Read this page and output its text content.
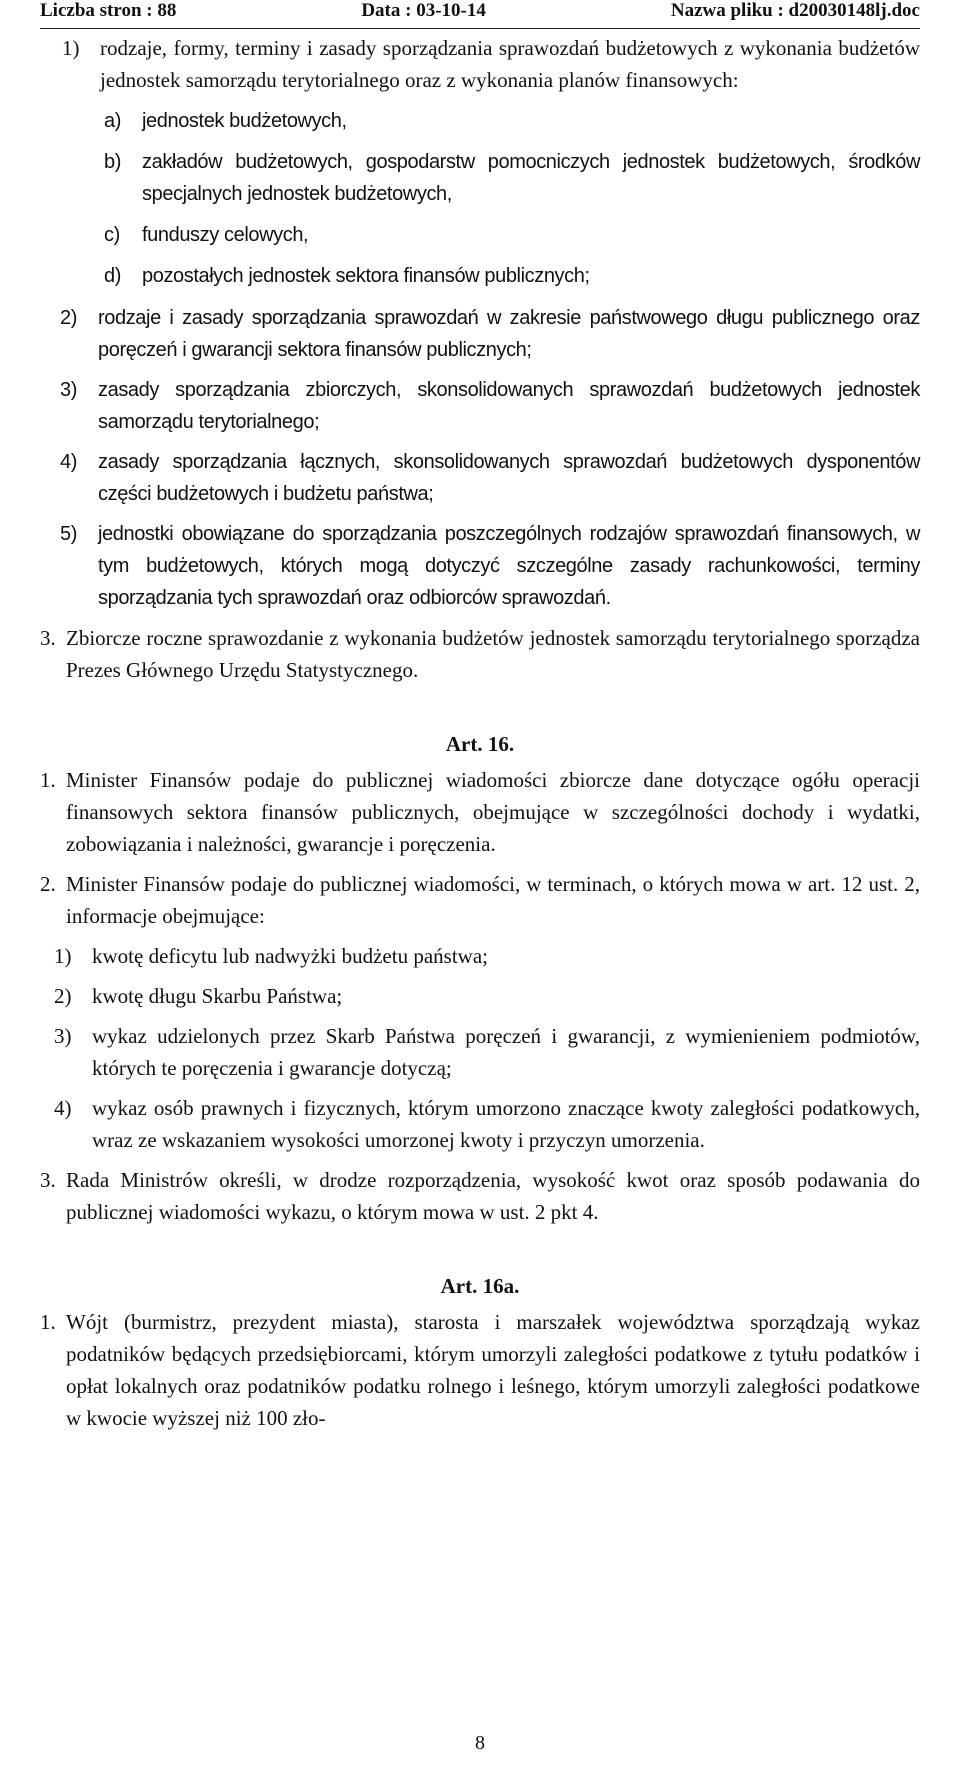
Liczba stron : 88	Data : 03-10-14	Nazwa pliku : d20030148lj.doc
1) rodzaje, formy, terminy i zasady sporządzania sprawozdań budżetowych z wykonania budżetów jednostek samorządu terytorialnego oraz z wykonania planów finansowych:
a)	jednostek budżetowych,
b)	zakładów budżetowych, gospodarstw pomocniczych jednostek budżetowych, środków specjalnych jednostek budżetowych,
c)	funduszy celowych,
d)	pozostałych jednostek sektora finansów publicznych;
2)	rodzaje i zasady sporządzania sprawozdań w zakresie państwowego długu publicznego oraz poręczeń i gwarancji sektora finansów publicznych;
3)	zasady sporządzania zbiorczych, skonsolidowanych sprawozdań budżetowych jednostek samorządu terytorialnego;
4)	zasady sporządzania łącznych, skonsolidowanych sprawozdań budżetowych dysponentów części budżetowych i budżetu państwa;
5)	jednostki obowiązane do sporządzania poszczególnych rodzajów sprawozdań finansowych, w tym budżetowych, których mogą dotyczyć szczególne zasady rachunkowości, terminy sporządzania tych sprawozdań oraz odbiorców sprawozdań.
3. Zbiorcze roczne sprawozdanie z wykonania budżetów jednostek samorządu terytorialnego sporządza Prezes Głównego Urzędu Statystycznego.
Art. 16.
1. Minister Finansów podaje do publicznej wiadomości zbiorcze dane dotyczące ogółu operacji finansowych sektora finansów publicznych, obejmujące w szczególności dochody i wydatki, zobowiązania i należności, gwarancje i poręczenia.
2. Minister Finansów podaje do publicznej wiadomości, w terminach, o których mowa w art. 12 ust. 2, informacje obejmujące:
1) kwotę deficytu lub nadwyżki budżetu państwa;
2) kwotę długu Skarbu Państwa;
3) wykaz udzielonych przez Skarb Państwa poręczeń i gwarancji, z wymienieniem podmiotów, których te poręczenia i gwarancje dotyczą;
4) wykaz osób prawnych i fizycznych, którym umorzono znaczące kwoty zaległości podatkowych, wraz ze wskazaniem wysokości umorzonej kwoty i przyczyn umorzenia.
3. Rada Ministrów określi, w drodze rozporządzenia, wysokość kwot oraz sposób podawania do publicznej wiadomości wykazu, o którym mowa w ust. 2 pkt 4.
Art. 16a.
1. Wójt (burmistrz, prezydent miasta), starosta i marszałek województwa sporządzają wykaz podatników będących przedsiębiorcami, którym umorzyli zaległości podatkowe z tytułu podatków i opłat lokalnych oraz podatników podatku rolnego i leśnego, którym umorzyli zaległości podatkowe w kwocie wyższej niż 100 zło-
8
